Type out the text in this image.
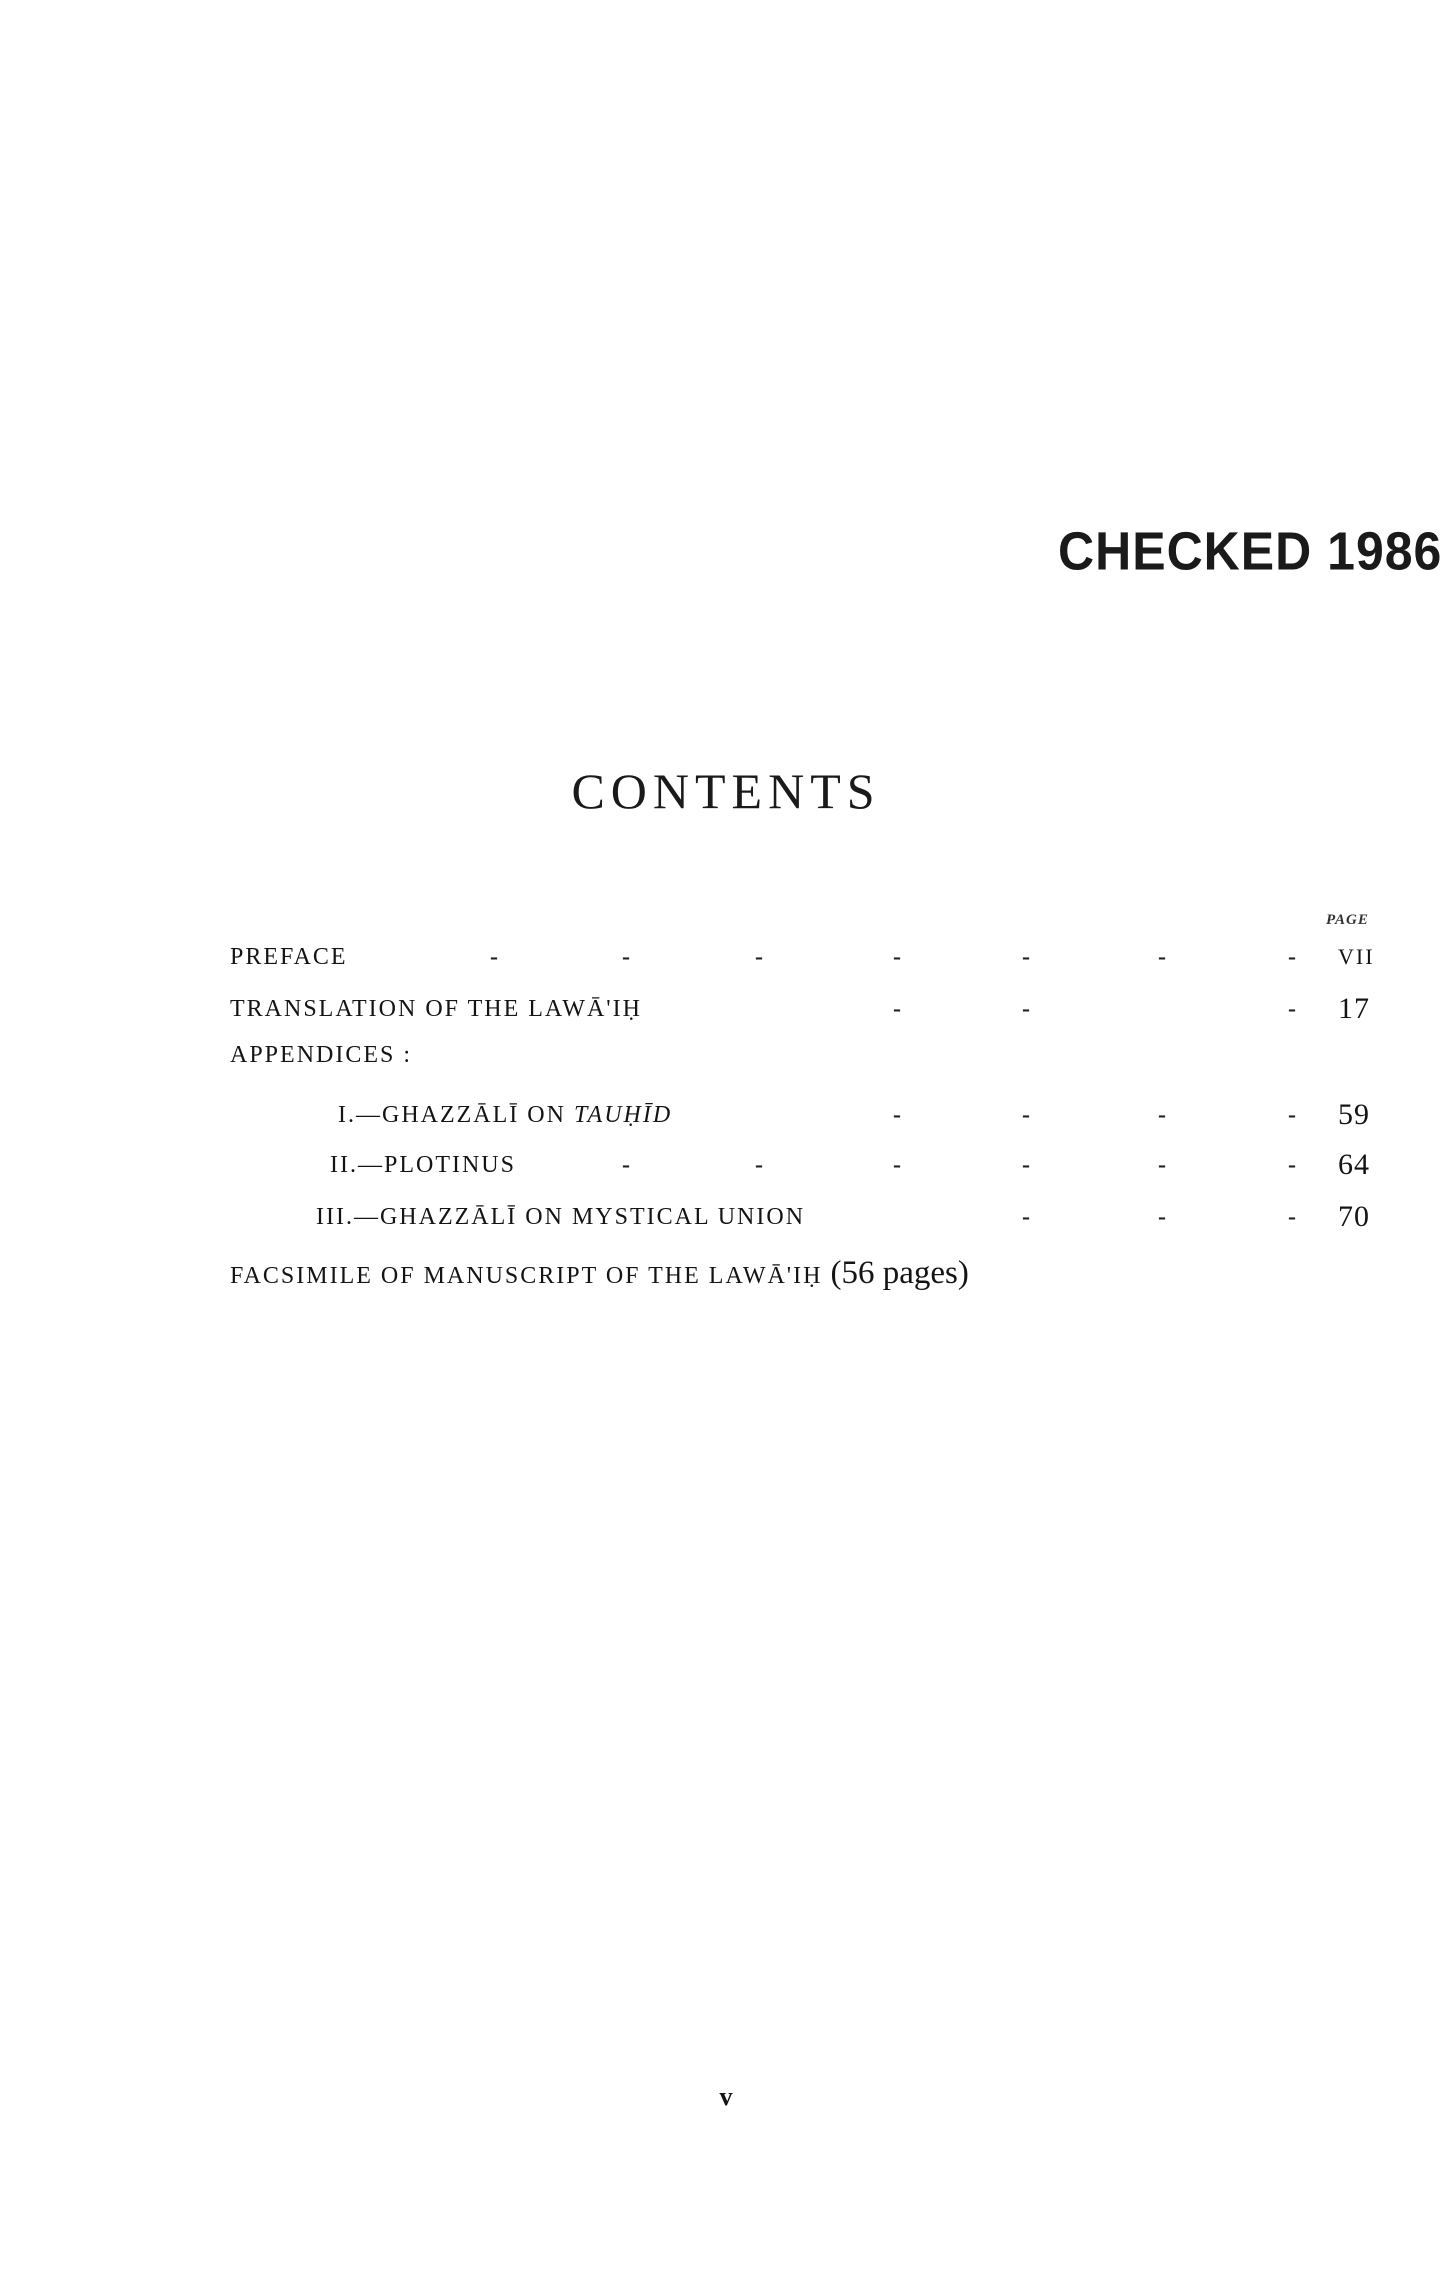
CHECKED 1986
CONTENTS
PAGE
PREFACE	-	-	-	-	-	-	- VII
TRANSLATION OF THE LAWĀ'IḤ	-	-	- 17
APPENDICES :
I.—GHAZZĀLĪ ON TAUḤĪD	-	-	-	- 59
II.—PLOTINUS	-	-	-	-	-	- 64
III.—GHAZZĀLĪ ON MYSTICAL UNION	-	-	- 70
FACSIMILE OF MANUSCRIPT OF THE LAWĀ'IḤ (56 pages)
v
